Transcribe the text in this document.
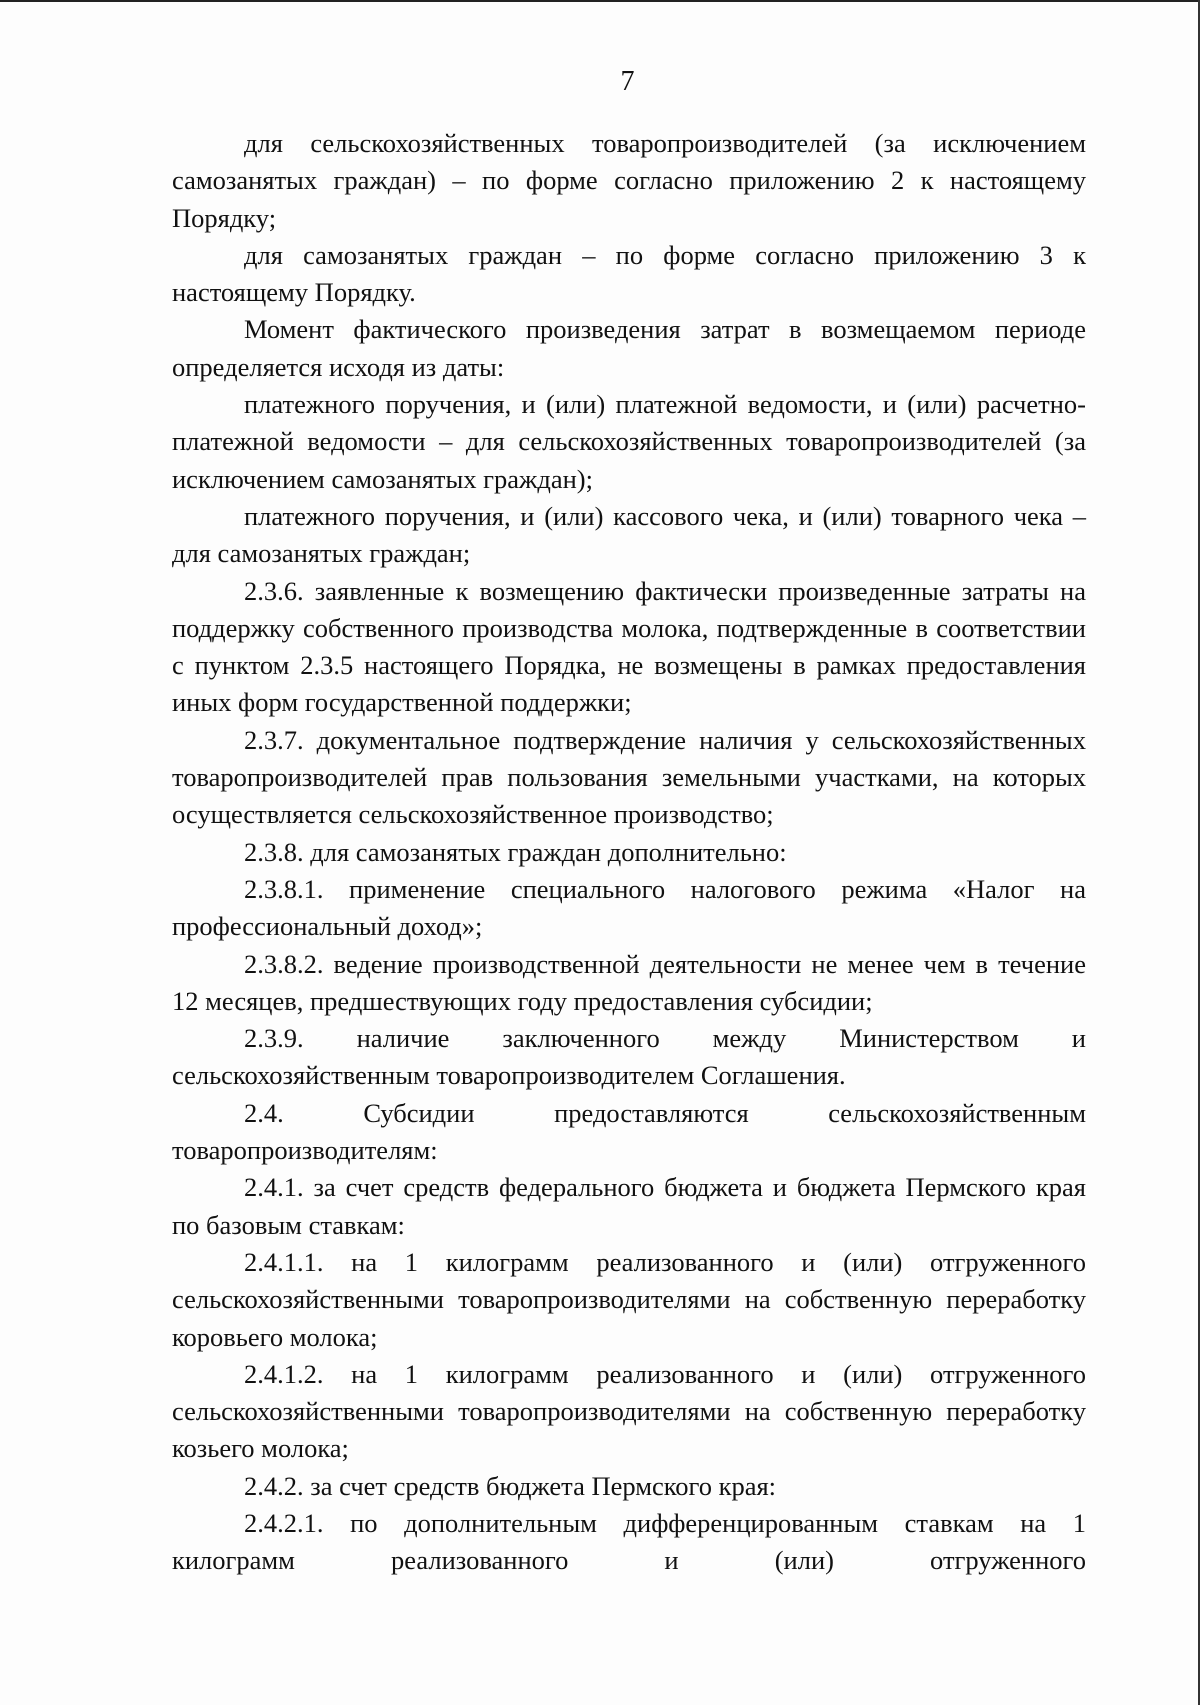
7

для сельскохозяйственных товаропроизводителей (за исключением самозанятых граждан) – по форме согласно приложению 2 к настоящему Порядку;

для самозанятых граждан – по форме согласно приложению 3 к настоящему Порядку.

Момент фактического произведения затрат в возмещаемом периоде определяется исходя из даты:

платежного поручения, и (или) платежной ведомости, и (или) расчетно-платежной ведомости – для сельскохозяйственных товаропроизводителей (за исключением самозанятых граждан);

платежного поручения, и (или) кассового чека, и (или) товарного чека – для самозанятых граждан;

2.3.6. заявленные к возмещению фактически произведенные затраты на поддержку собственного производства молока, подтвержденные в соответствии с пунктом 2.3.5 настоящего Порядка, не возмещены в рамках предоставления иных форм государственной поддержки;

2.3.7. документальное подтверждение наличия у сельскохозяйственных товаропроизводителей прав пользования земельными участками, на которых осуществляется сельскохозяйственное производство;

2.3.8. для самозанятых граждан дополнительно:

2.3.8.1. применение специального налогового режима «Налог на профессиональный доход»;

2.3.8.2. ведение производственной деятельности не менее чем в течение 12 месяцев, предшествующих году предоставления субсидии;

2.3.9. наличие заключенного между Министерством и сельскохозяйственным товаропроизводителем Соглашения.

2.4. Субсидии предоставляются сельскохозяйственным товаропроизводителям:

2.4.1. за счет средств федерального бюджета и бюджета Пермского края по базовым ставкам:

2.4.1.1. на 1 килограмм реализованного и (или) отгруженного сельскохозяйственными товаропроизводителями на собственную переработку коровьего молока;

2.4.1.2. на 1 килограмм реализованного и (или) отгруженного сельскохозяйственными товаропроизводителями на собственную переработку козьего молока;

2.4.2. за счет средств бюджета Пермского края:

2.4.2.1. по дополнительным дифференцированным ставкам на 1 килограмм реализованного и (или) отгруженного
